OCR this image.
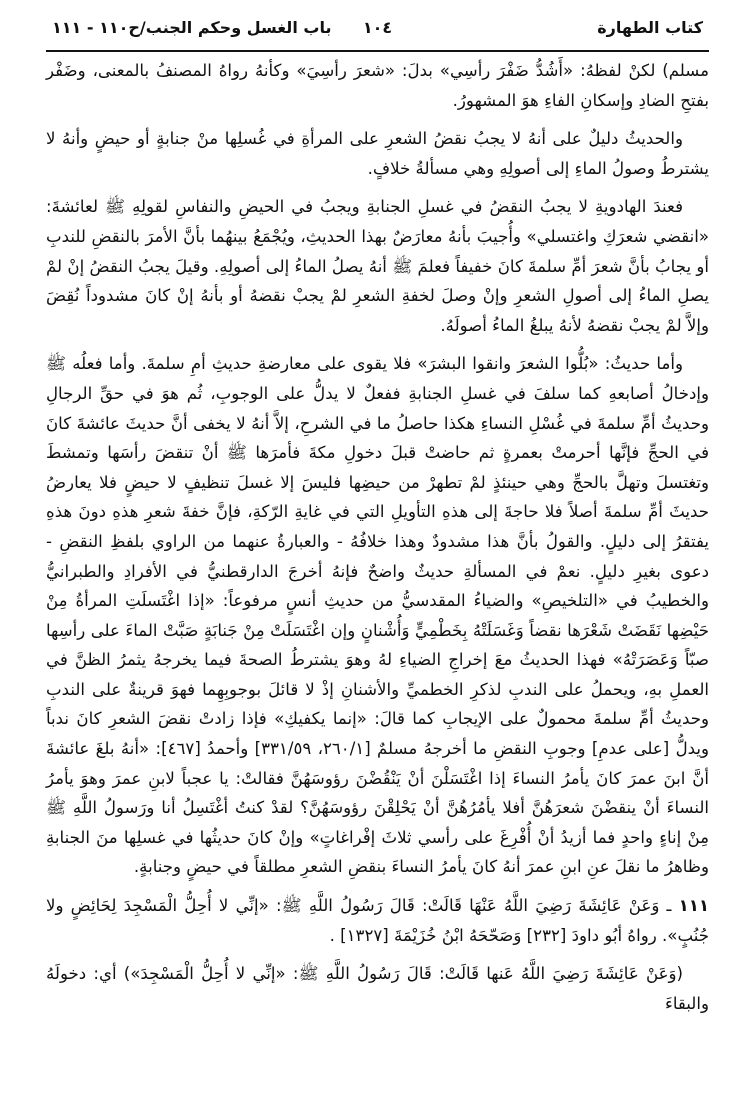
كتاب الطهارة
١٠٤
باب الغسل وحكم الجنب/ح١١٠ - ١١١

مسلم) لكنْ لفظهُ: «أَشُدُّ ضَفْرَ رأسِي» بدلَ: «شعرَ رأسِيَ» وكأنهُ رواهُ المصنفُ بالمعنى، وضَفْر بفتحِ الضادِ وإسكانِ الفاءِ هوَ المشهورُ.

والحديثُ دليلٌ على أنهُ لا يجبُ نقضُ الشعرِ على المرأةِ في غُسلِها منْ جنابةٍ أو حيضٍ وأنهُ لا يشترطُ وصولُ الماءِ إلى أصولِهِ وهي مسألةُ خلافٍ.

فعندَ الهادويةِ لا يجبُ النقضُ في غسلِ الجنابةِ ويجبُ في الحيضِ والنفاسِ لقولِهِ ﷺ لعائشةَ: «انقضي شعرَكِ واغتسلي» وأُجيبَ بأنهُ معارَضٌ بهذا الحديثِ، ويُجْمَعُ بينهُما بأنَّ الأمرَ بالنقضِ للندبِ أو يجابُ بأنَّ شعرَ أمِّ سلمةَ كانَ خفيفاً فعلمَ ﷺ أنهُ يصلُ الماءُ إلى أصولِهِ. وقيلَ يجبُ النقضُ إنْ لمْ يصلِ الماءُ إلى أصولِ الشعرِ وإنْ وصلَ لخفةِ الشعرِ لمْ يجبْ نقضهُ أو بأنهُ إنْ كانَ مشدوداً نُقِضَ وإلاَّ لمْ يجبْ نقضهُ لأنهُ يبلغُ الماءُ أصولَهُ.

وأما حديثُ: «بُلُّوا الشعرَ وانقوا البشرَ» فلا يقوى على معارضةِ حديثِ أمِ سلمةَ. وأما فعلُه ﷺ وإدخالُ أصابعهِ كما سلفَ في غسلِ الجنابةِ ففعلٌ لا يدلُّ على الوجوبِ، ثُم هوَ في حقِّ الرجالِ وحديثُ أمِّ سلمةَ في غُسْلِ النساءِ هكذا حاصلُ ما في الشرحِ، إلاَّ أنهُ لا يخفى أنَّ حديثَ عائشةَ كانَ في الحجِّ فإنَّها أحرمتْ بعمرةٍ ثم حاضتْ قبلَ دخولِ مكةَ فأمرَها ﷺ أنْ تنقضَ رأسَها وتمشطَ وتغتسلَ وتهلَّ بالحجِّ وهي حينئذٍ لمْ تطهرْ من حيضِها فليسَ إلا غسلَ تنظيفٍ لا حيضٍ فلا يعارضُ حديثَ أمِّ سلمةَ أصلاً فلا حاجةَ إلى هذهِ التأويلِ التي في غايةِ الرّكةِ، فإنَّ خفةَ شعرِ هذهِ دونَ هذهِ يفتقرُ إلى دليلٍ. والقولُ بأنَّ هذا مشدودٌ وهذا خلافُهُ - والعبارةُ عنهما من الراوي بلفظِ النقضِ - دعوى بغيرِ دليلٍ. نعمْ في المسألةِ حديثٌ واضحٌ فإنهُ أخرجَ الدارقطنيُّ في الأفرادِ والطبرانيُّ والخطيبُ في «التلخيصِ» والضياءُ المقدسيُّ من حديثِ أنسٍ مرفوعاً: «إذا اغْتَسلَتِ المرأةُ مِنْ حَيْضِها نَقَضَتْ شَعْرَها نقضاً وَغَسَلَتْهُ بِخَطْمِيٍّ وَأُشْنانٍ وإن اغْتَسَلَتْ مِنْ جَنابَةٍ صَبَّتْ الماءَ على رأسِها صبّاً وَعَصَرَتْهُ» فهذا الحديثُ معَ إخراجِ الضياءِ لهُ وهوَ يشترطُ الصحةَ فيما يخرجهُ يثمرُ الظنَّ في العملِ بهِ، ويحملُ على الندبِ لذكرِ الخطميِّ والأشنانِ إذْ لا قائلَ بوجوبِهِما فهوَ قرينةٌ على الندبِ وحديثُ أمِّ سلمةَ محمولٌ على الإيجابِ كما قالَ: «إنما يكفيكِ» فإذا زادتْ نقضَ الشعرِ كانَ ندباً ويدلُّ [على عدمِ] وجوبِ النقضِ ما أخرجهُ مسلمٌ [٢٦٠/١، ٣٣١/٥٩] وأحمدُ [٤٦٧]: «أنهُ بلغَ عائشةَ أنَّ ابنَ عمرَ كانَ يأمرُ النساءَ إذا اغْتَسَلْنَ أنْ يَنْقُضْنَ رؤوسَهُنَّ فقالتْ: يا عجباً لابنِ عمرَ وهوَ يأمرُ النساءَ أنْ ينقضْنَ شعرَهُنَّ أفلا يأمُرُهُنَّ أنْ يَحْلِقْنَ رؤوسَهُنَّ؟ لقدْ كنتُ أغْتَسِلُ أنا ورَسولُ اللَّهِ ﷺ مِنْ إناءٍ واحدٍ فما أزيدُ أنْ أُفْرِغَ على رأسي ثلاثَ إفْراغاتٍ» وإنْ كانَ حديثُها في غسلِها منَ الجنابةِ وظاهرُ ما نقلَ عنِ ابنِ عمرَ أنهُ كانَ يأمرُ النساءَ بنقضِ الشعرِ مطلقاً في حيضٍ وجنابةٍ.

١١١ ـ وَعَنْ عَائِشَةَ رَضِيَ اللَّهُ عَنْهَا قَالَتْ: قَالَ رَسُولُ اللَّهِ ﷺ: «إنِّي لا أُحِلُّ الْمَسْجِدَ لِحَائِضٍ ولا جُنُبٍ». رواهُ أبُو داودَ [٢٣٢] وَصَحّحَهُ ابْنُ خُزَيْمَةَ [١٣٢٧] .

(وَعَنْ عَائِشَةَ رَضِيَ اللَّهُ عَنها قَالَتْ: قَالَ رَسُولُ اللَّهِ ﷺ: «إنِّي لا أُحِلُّ الْمَسْجِدَ») أي: دخولَهُ والبقاءَ
